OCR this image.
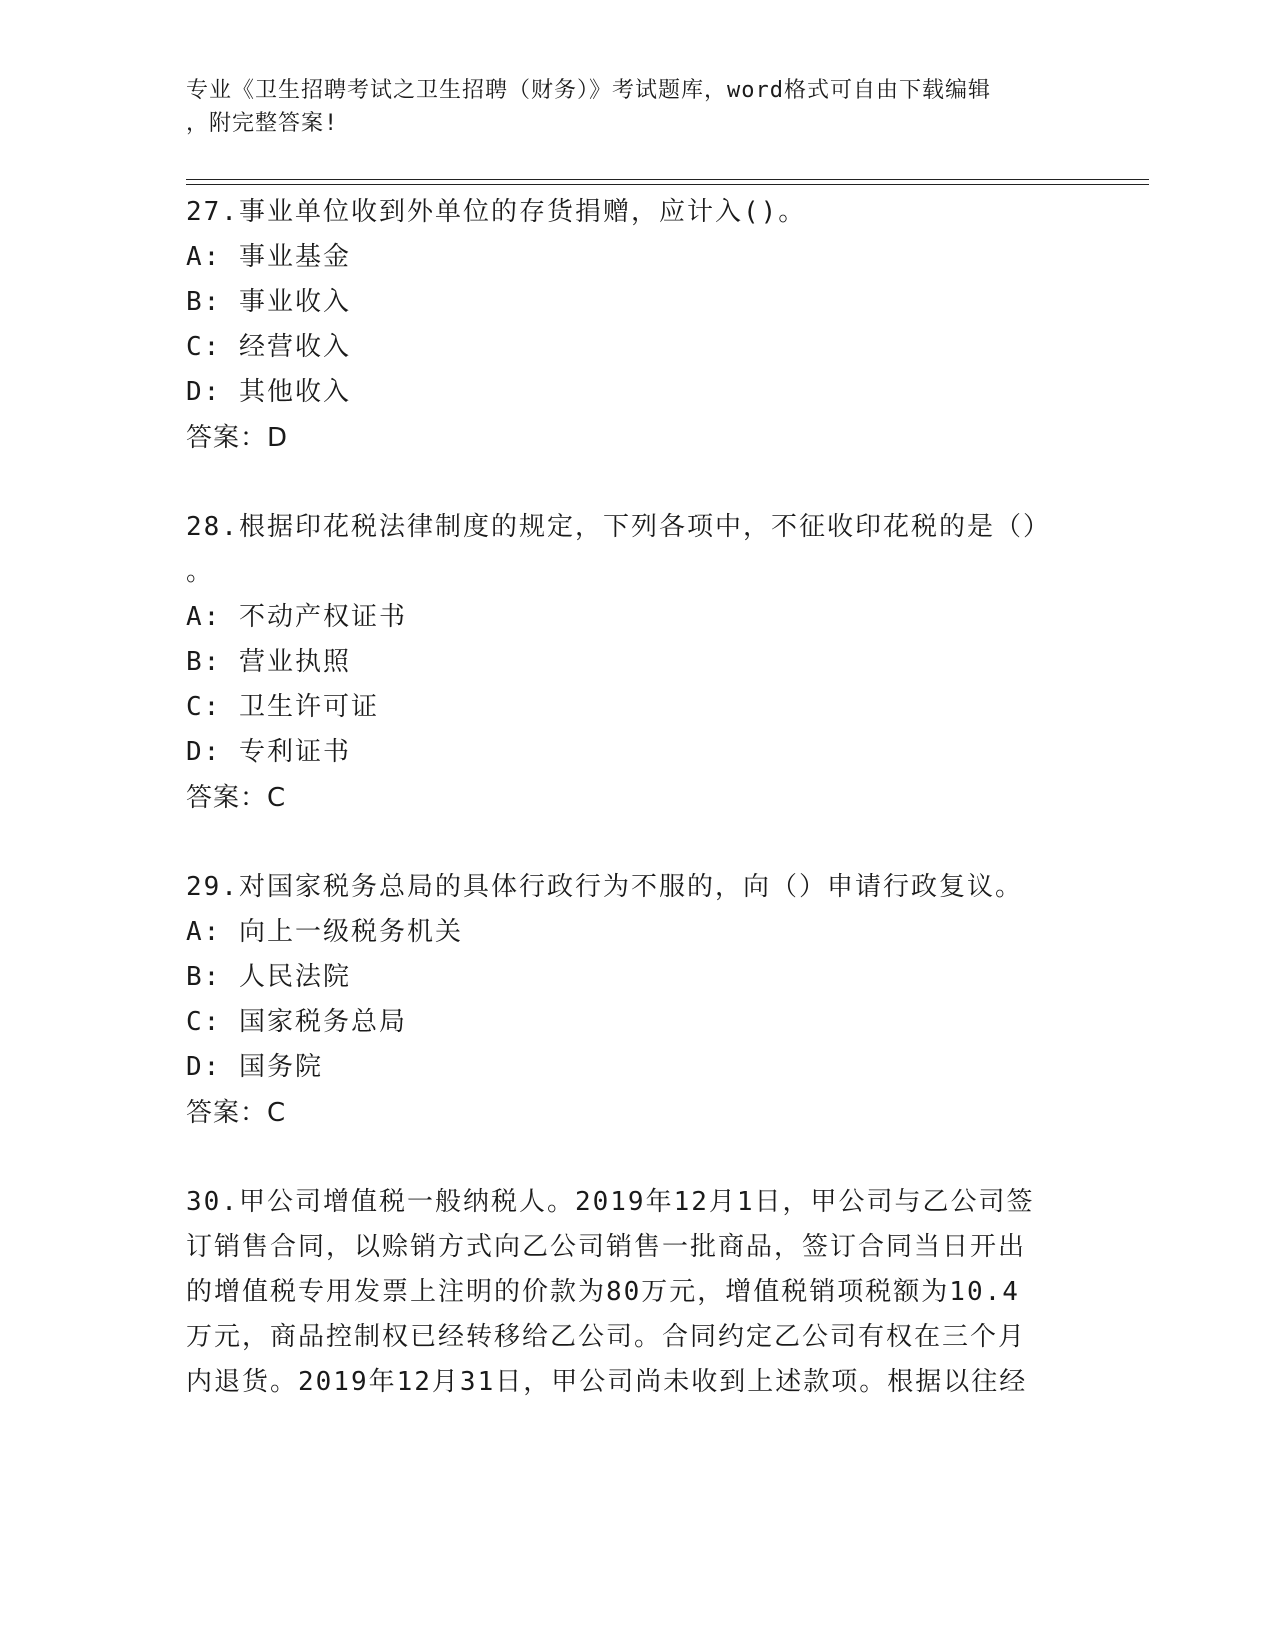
专业《卫生招聘考试之卫生招聘（财务）》考试题库，word格式可自由下载编辑
，附完整答案!
27.事业单位收到外单位的存货捐赠，应计入()。
A: 事业基金
B: 事业收入
C: 经营收入
D: 其他收入
答案：D
28.根据印花税法律制度的规定，下列各项中，不征收印花税的是（）
。
A: 不动产权证书
B: 营业执照
C: 卫生许可证
D: 专利证书
答案：C
29.对国家税务总局的具体行政行为不服的，向（）申请行政复议。
A: 向上一级税务机关
B: 人民法院
C: 国家税务总局
D: 国务院
答案：C
30.甲公司增值税一般纳税人。2019年12月1日，甲公司与乙公司签
订销售合同，以赊销方式向乙公司销售一批商品，签订合同当日开出
的增值税专用发票上注明的价款为80万元，增值税销项税额为10.4
万元，商品控制权已经转移给乙公司。合同约定乙公司有权在三个月
内退货。2019年12月31日，甲公司尚未收到上述款项。根据以往经
